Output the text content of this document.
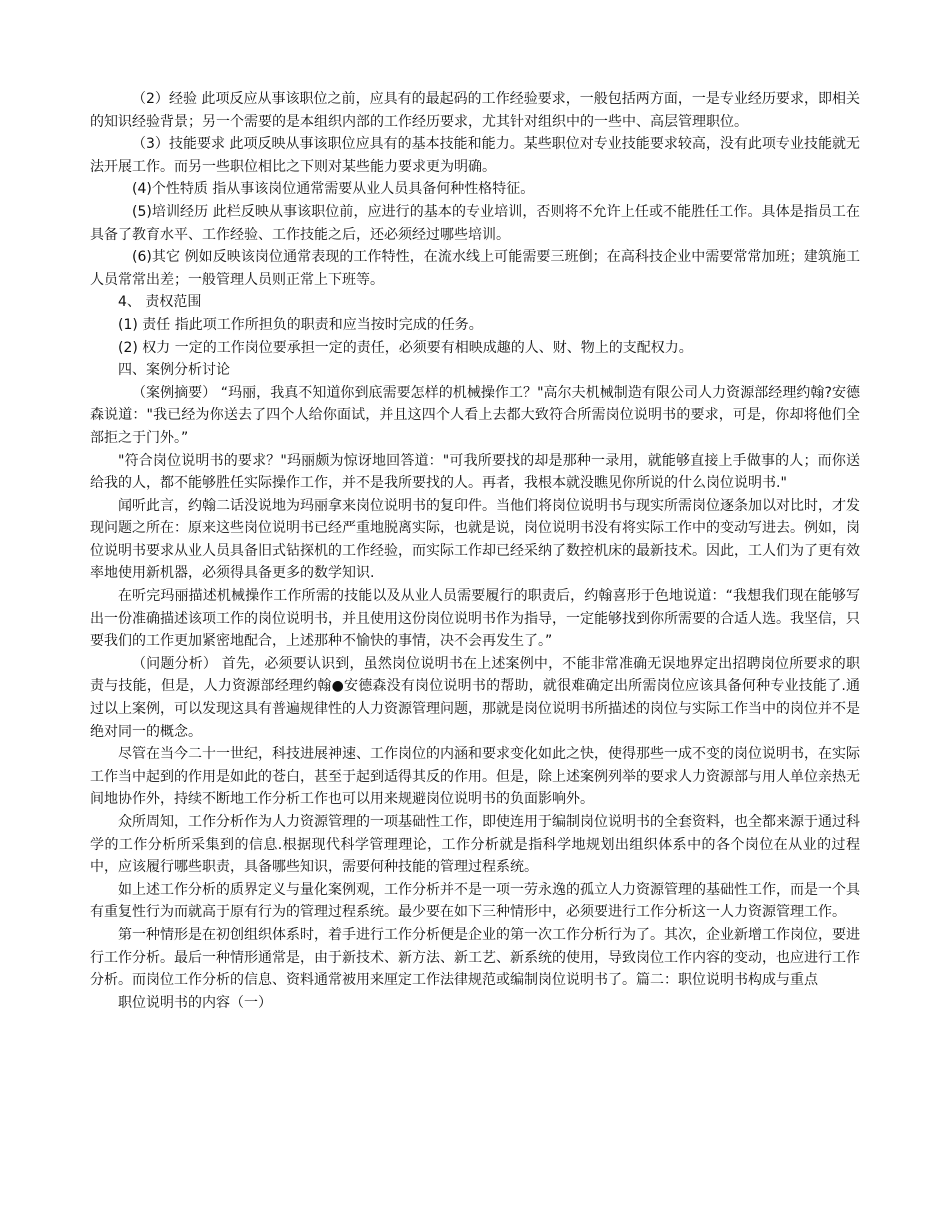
（2）经验 此项反应从事该职位之前，应具有的最起码的工作经验要求，一般包括两方面，一是专业经历要求，即相关的知识经验背景；另一个需要的是本组织内部的工作经历要求，尤其针对组织中的一些中、高层管理职位。

（3）技能要求 此项反映从事该职位应具有的基本技能和能力。某些职位对专业技能要求较高，没有此项专业技能就无法开展工作。而另一些职位相比之下则对某些能力要求更为明确。

(4)个性特质 指从事该岗位通常需要从业人员具备何种性格特征。

(5)培训经历 此栏反映从事该职位前，应进行的基本的专业培训，否则将不允许上任或不能胜任工作。具体是指员工在具备了教育水平、工作经验、工作技能之后，还必须经过哪些培训。

(6)其它 例如反映该岗位通常表现的工作特性，在流水线上可能需要三班倒；在高科技企业中需要常常加班；建筑施工人员常常出差；一般管理人员则正常上下班等。

4、 责权范围

(1) 责任 指此项工作所担负的职责和应当按时完成的任务。

(2) 权力 一定的工作岗位要承担一定的责任，必须要有相映成趣的人、财、物上的支配权力。

四、案例分析讨论

（案例摘要） “玛丽，我真不知道你到底需要怎样的机械操作工？"高尔夫机械制造有限公司人力资源部经理约翰?安德森说道："我已经为你送去了四个人给你面试，并且这四个人看上去都大致符合所需岗位说明书的要求，可是，你却将他们全部拒之于门外。”

"符合岗位说明书的要求？"玛丽颇为惊讶地回答道："可我所要找的却是那种一录用，就能够直接上手做事的人；而你送给我的人，都不能够胜任实际操作工作，并不是我所要找的人。再者，我根本就没瞧见你所说的什么岗位说明书."

闻听此言，约翰二话没说地为玛丽拿来岗位说明书的复印件。当他们将岗位说明书与现实所需岗位逐条加以对比时，才发现问题之所在：原来这些岗位说明书已经严重地脱离实际，也就是说，岗位说明书没有将实际工作中的变动写进去。例如，岗位说明书要求从业人员具备旧式钻探机的工作经验，而实际工作却已经采纳了数控机床的最新技术。因此，工人们为了更有效率地使用新机器，必须得具备更多的数学知识.

在听完玛丽描述机械操作工作所需的技能以及从业人员需要履行的职责后，约翰喜形于色地说道：“我想我们现在能够写出一份准确描述该项工作的岗位说明书，并且使用这份岗位说明书作为指导，一定能够找到你所需要的合适人选。我坚信，只要我们的工作更加紧密地配合，上述那种不愉快的事情，决不会再发生了。”

（问题分析） 首先，必须要认识到，虽然岗位说明书在上述案例中，不能非常准确无误地界定出招聘岗位所要求的职责与技能，但是，人力资源部经理约翰●安德森没有岗位说明书的帮助，就很难确定出所需岗位应该具备何种专业技能了.通过以上案例，可以发现这具有普遍规律性的人力资源管理问题，那就是岗位说明书所描述的岗位与实际工作当中的岗位并不是绝对同一的概念。

尽管在当今二十一世纪，科技进展神速、工作岗位的内涵和要求变化如此之快，使得那些一成不变的岗位说明书，在实际工作当中起到的作用是如此的苍白，甚至于起到适得其反的作用。但是，除上述案例列举的要求人力资源部与用人单位亲热无间地协作外，持续不断地工作分析工作也可以用来规避岗位说明书的负面影响外。

众所周知，工作分析作为人力资源管理的一项基础性工作，即使连用于编制岗位说明书的全套资料，也全都来源于通过科学的工作分析所采集到的信息.根据现代科学管理理论，工作分析就是指科学地规划出组织体系中的各个岗位在从业的过程中，应该履行哪些职责，具备哪些知识，需要何种技能的管理过程系统。

如上述工作分析的质界定义与量化案例观，工作分析并不是一项一劳永逸的孤立人力资源管理的基础性工作，而是一个具有重复性行为而就高于原有行为的管理过程系统。最少要在如下三种情形中，必须要进行工作分析这一人力资源管理工作。

第一种情形是在初创组织体系时，着手进行工作分析便是企业的第一次工作分析行为了。其次，企业新增工作岗位，要进行工作分析。最后一种情形通常是，由于新技术、新方法、新工艺、新系统的使用，导致岗位工作内容的变动，也应进行工作分析。而岗位工作分析的信息、资料通常被用来厘定工作法律规范或编制岗位说明书了。篇二：职位说明书构成与重点

职位说明书的内容（一）
